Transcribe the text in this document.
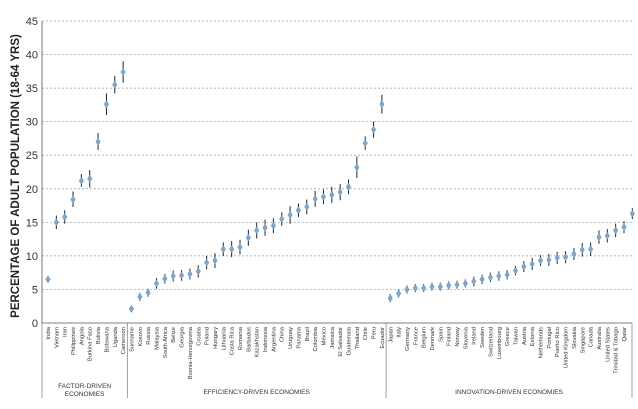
0
5
10
15
20
25
30
35
40
45
PERCENTAGE OF ADULT POPULATION (18-64 YRS)
India Vietnam Iran Philippines Angola Burkina Faso Bolivia Botswana Uganda Cameroon Suriname Kosovo Russia Malaysia South Africa Belize Georgia Bosnia-Herzegovina Croatia Poland Hungary Lithuania Costa Rica Romania Barbados Kazakhstan Indonesia Argentina China Uruguay Panama Brazil Colombia Mexico Jamaica El Salvador Guatemala Thailand Chile Peru Ecuador Japan Italy Germany France Belgium Denmark Spain Finland Norway Slovenia Ireland Sweden Switzerland Luxembourg Greece Taiwan Austria Estonia Netherlands Portugal Puerto Rico United Kingdom Slovakia Singapore Canada Australia United States Trinidad & Tobago Qatar
FACTOR-DRIVEN ECONOMIES	EFFICIENCY-DRIVEN ECONOMIES	INNOVATION-DRIVEN ECONOMIES
